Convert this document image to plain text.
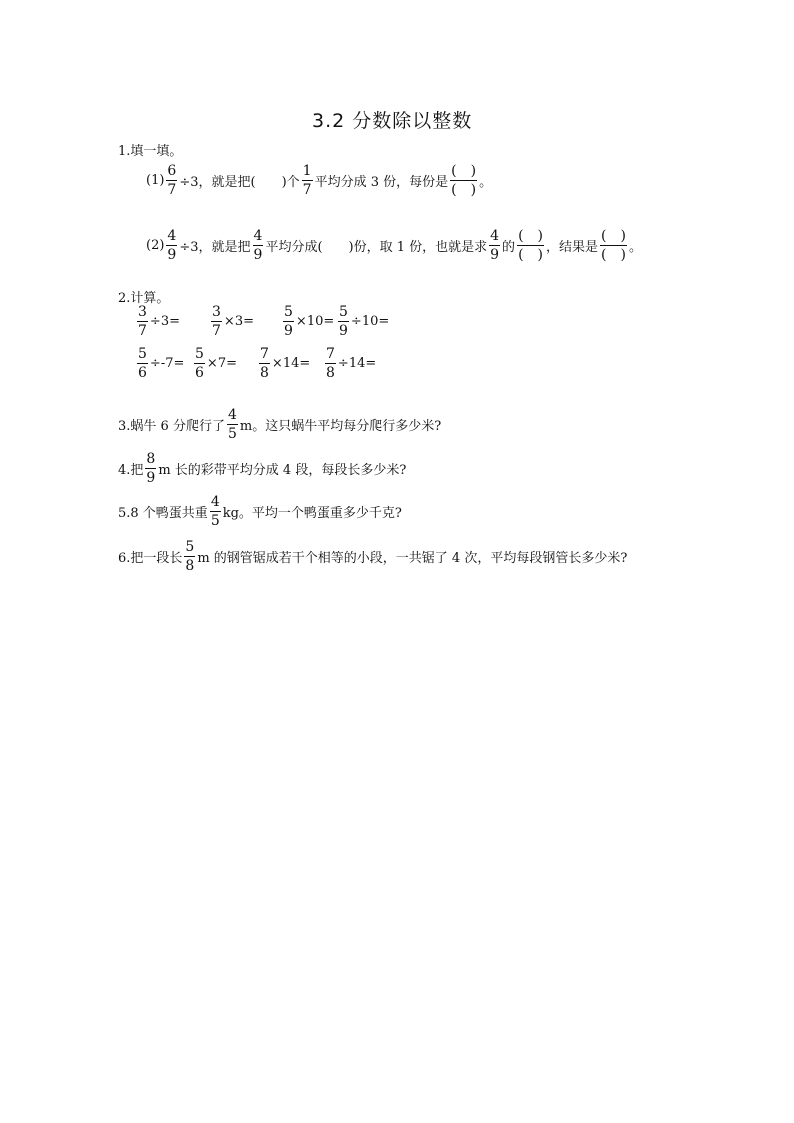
3.2 分数除以整数
1.填一填。
$(1) \frac{6}{7} \div 3$，就是把(　　)个 $\frac{1}{7}$ 平均分成 3 份，每份是 $\frac{( )}{( )}$ 。
$(2) \frac{4}{9} \div 3$，就是把 $\frac{4}{9}$ 平均分成(　　)份，取 1 份，也就是求 $\frac{4}{9}$ 的 $\frac{( )}{( )}$ ，结果是 $\frac{( )}{( )}$ 。
2.计算。
$\frac{3}{7} \div 3= \frac{3}{7} \times 3= \frac{5}{9} \times 10= \frac{5}{9} \div 10=$
$\frac{5}{6} \div-7= \frac{5}{6} \times 7= \frac{7}{8} \times 14= \frac{7}{8} \div 14=$
3.蜗牛 6 分爬行了 $\frac{4}{5}$ m。这只蜗牛平均每分爬行多少米?
4.把 $\frac{8}{9}$ m 长的彩带平均分成 4 段，每段长多少米?
5.8 个鸭蛋共重 $\frac{4}{5}$ kg。平均一个鸭蛋重多少千克?
6.把一段长 $\frac{5}{8}$ m 的钢管锯成若干个相等的小段，一共锯了 4 次，平均每段钢管长多少米?
